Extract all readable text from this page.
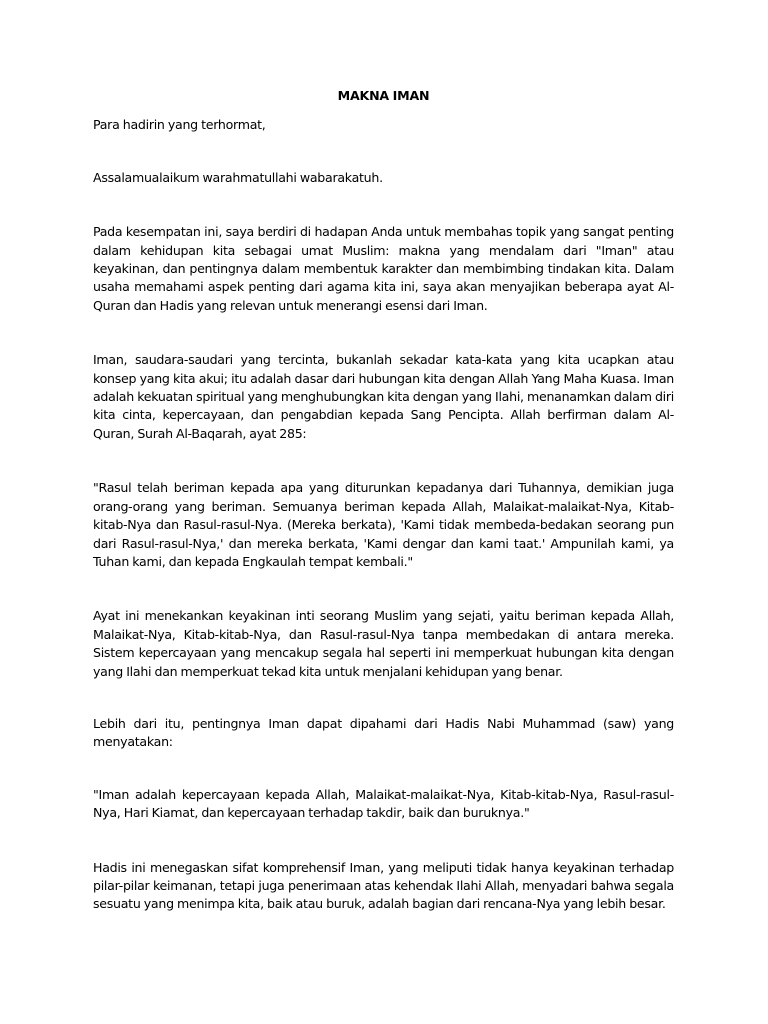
MAKNA IMAN

Para hadirin yang terhormat,

Assalamualaikum warahmatullahi wabarakatuh.

Pada kesempatan ini, saya berdiri di hadapan Anda untuk membahas topik yang sangat penting dalam kehidupan kita sebagai umat Muslim: makna yang mendalam dari "Iman" atau keyakinan, dan pentingnya dalam membentuk karakter dan membimbing tindakan kita. Dalam usaha memahami aspek penting dari agama kita ini, saya akan menyajikan beberapa ayat Al-Quran dan Hadis yang relevan untuk menerangi esensi dari Iman.

Iman, saudara-saudari yang tercinta, bukanlah sekadar kata-kata yang kita ucapkan atau konsep yang kita akui; itu adalah dasar dari hubungan kita dengan Allah Yang Maha Kuasa. Iman adalah kekuatan spiritual yang menghubungkan kita dengan yang Ilahi, menanamkan dalam diri kita cinta, kepercayaan, dan pengabdian kepada Sang Pencipta. Allah berfirman dalam Al-Quran, Surah Al-Baqarah, ayat 285:

"Rasul telah beriman kepada apa yang diturunkan kepadanya dari Tuhannya, demikian juga orang-orang yang beriman. Semuanya beriman kepada Allah, Malaikat-malaikat-Nya, Kitab-kitab-Nya dan Rasul-rasul-Nya. (Mereka berkata), 'Kami tidak membeda-bedakan seorang pun dari Rasul-rasul-Nya,' dan mereka berkata, 'Kami dengar dan kami taat.' Ampunilah kami, ya Tuhan kami, dan kepada Engkaulah tempat kembali."

Ayat ini menekankan keyakinan inti seorang Muslim yang sejati, yaitu beriman kepada Allah, Malaikat-Nya, Kitab-kitab-Nya, dan Rasul-rasul-Nya tanpa membedakan di antara mereka. Sistem kepercayaan yang mencakup segala hal seperti ini memperkuat hubungan kita dengan yang Ilahi dan memperkuat tekad kita untuk menjalani kehidupan yang benar.

Lebih dari itu, pentingnya Iman dapat dipahami dari Hadis Nabi Muhammad (saw) yang menyatakan:

"Iman adalah kepercayaan kepada Allah, Malaikat-malaikat-Nya, Kitab-kitab-Nya, Rasul-rasul-Nya, Hari Kiamat, dan kepercayaan terhadap takdir, baik dan buruknya."

Hadis ini menegaskan sifat komprehensif Iman, yang meliputi tidak hanya keyakinan terhadap pilar-pilar keimanan, tetapi juga penerimaan atas kehendak Ilahi Allah, menyadari bahwa segala sesuatu yang menimpa kita, baik atau buruk, adalah bagian dari rencana-Nya yang lebih besar.
